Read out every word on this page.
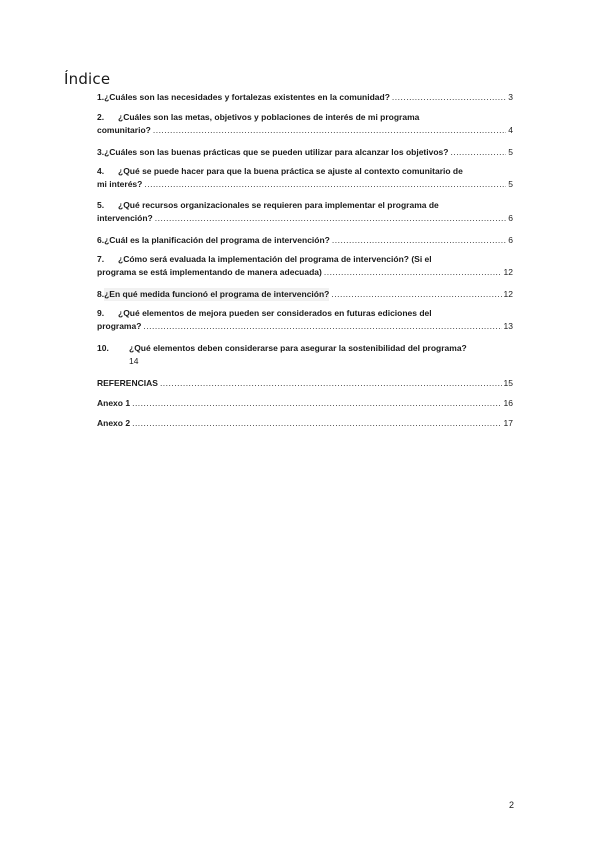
Índice
1. ¿Cuáles son las necesidades y fortalezas existentes en la comunidad? .....	3
2. ¿Cuáles son las metas, objetivos y poblaciones de interés de mi programa
comunitario? .....	4
3. ¿Cuáles son las buenas prácticas que se pueden utilizar para alcanzar los objetivos? .....	5
4. ¿Qué se puede hacer para que la buena práctica se ajuste al contexto comunitario de
mi interés? .....	5
5. ¿Qué recursos organizacionales se requieren para implementar el programa de
intervención? .....	6
6. ¿Cuál es la planificación del programa de intervención? .....	6
7. ¿Cómo será evaluada la implementación del programa de intervención? (Si el
programa se está implementando de manera adecuada) .....	12
8. ¿En qué medida funcionó el programa de intervención? .....	12
9. ¿Qué elementos de mejora pueden ser considerados en futuras ediciones del
programa? .....	13
10. ¿Qué elementos deben considerarse para asegurar la sostenibilidad del programa?
14
REFERENCIAS .....	15
Anexo 1 .....	16
Anexo 2 .....	17
2
